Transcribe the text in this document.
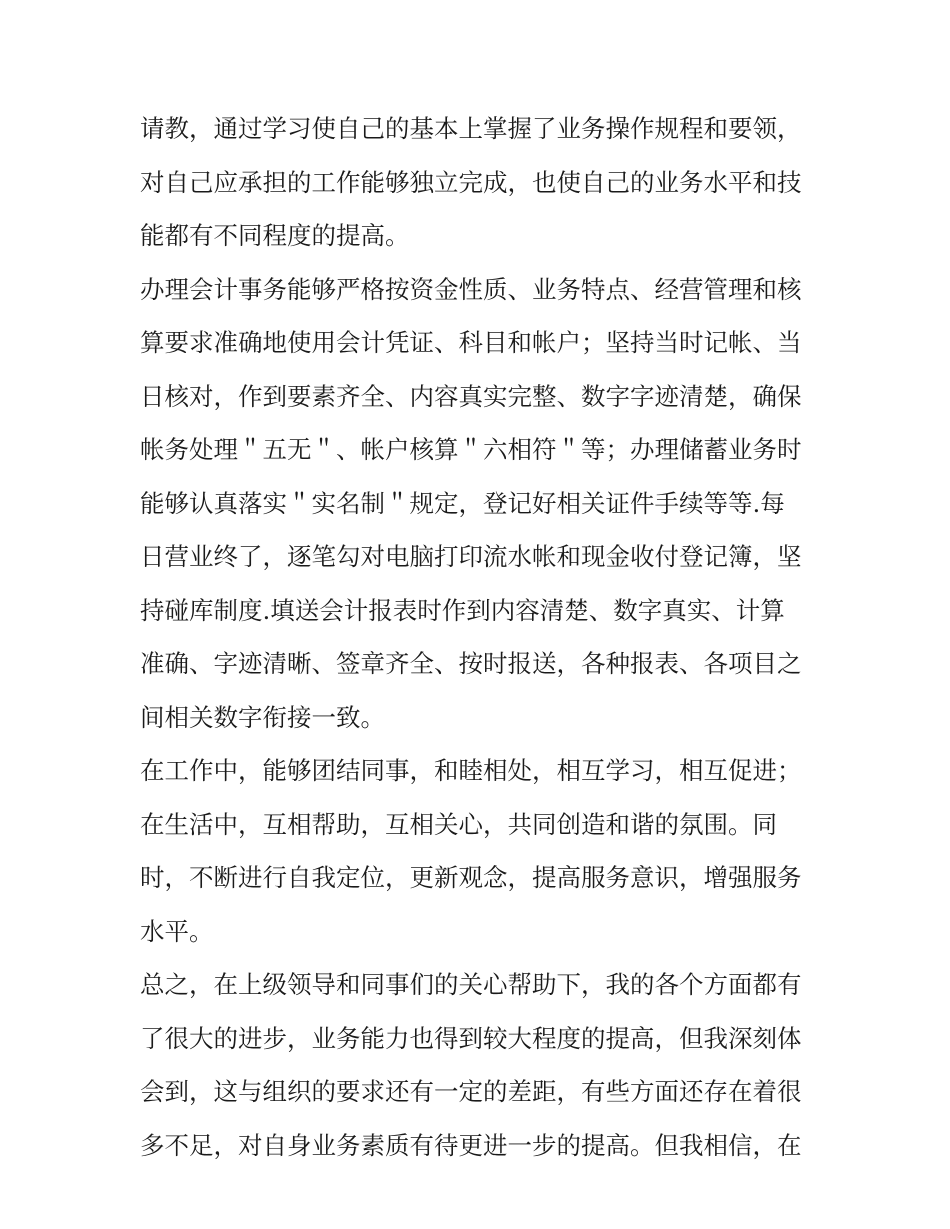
请教，通过学习使自己的基本上掌握了业务操作规程和要领，
对自己应承担的工作能够独立完成，也使自己的业务水平和技
能都有不同程度的提高。
办理会计事务能够严格按资金性质、业务特点、经营管理和核
算要求准确地使用会计凭证、科目和帐户；坚持当时记帐、当
日核对，作到要素齐全、内容真实完整、数字字迹清楚，确保
帐务处理＂五无＂、帐户核算＂六相符＂等；办理储蓄业务时
能够认真落实＂实名制＂规定，登记好相关证件手续等等.每
日营业终了，逐笔勾对电脑打印流水帐和现金收付登记簿，坚
持碰库制度.填送会计报表时作到内容清楚、数字真实、计算
准确、字迹清晰、签章齐全、按时报送，各种报表、各项目之
间相关数字衔接一致。
在工作中，能够团结同事，和睦相处，相互学习，相互促进；
在生活中，互相帮助，互相关心，共同创造和谐的氛围。同
时，不断进行自我定位，更新观念，提高服务意识，增强服务
水平。
总之，在上级领导和同事们的关心帮助下，我的各个方面都有
了很大的进步，业务能力也得到较大程度的提高，但我深刻体
会到，这与组织的要求还有一定的差距，有些方面还存在着很
多不足，对自身业务素质有待更进一步的提高。但我相信，在
